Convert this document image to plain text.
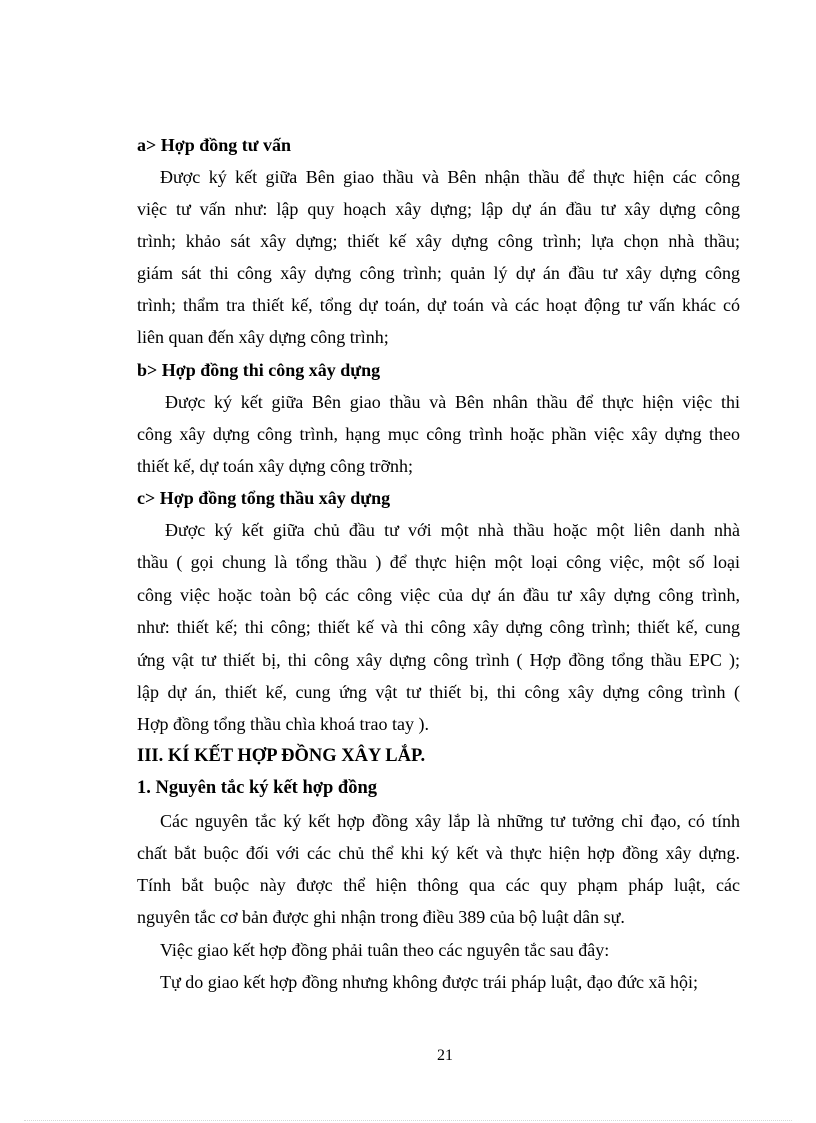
a> Hợp đồng tư vấn
Được ký kết giữa Bên giao thầu và Bên nhận thầu để thực hiện các công
việc tư vấn như: lập quy hoạch xây dựng; lập dự án đầu tư xây dựng công
trình; khảo sát xây dựng; thiết kế xây dựng công trình; lựa chọn nhà thầu;
giám sát thi công xây dựng công trình; quản lý dự án đầu tư xây dựng công
trình; thẩm tra thiết kế, tổng dự toán, dự toán và các hoạt động tư vấn khác có
liên quan đến xây dựng công trình;
b> Hợp đồng thi công xây dựng
Được ký kết giữa Bên giao thầu và Bên nhân thầu để thực hiện việc thi
công xây dựng công trình, hạng mục công trình hoặc phần việc xây dựng theo
thiết kế, dự toán xây dựng công trỡnh;
c> Hợp đồng tổng thầu xây dựng
Được ký kết giữa chủ đầu tư với một nhà thầu hoặc một liên danh nhà
thầu ( gọi chung là tổng thầu ) để thực hiện một loại công việc, một số loại
công việc hoặc toàn bộ các công việc của dự án đầu tư xây dựng công trình,
như: thiết kế; thi công; thiết kế và thi công xây dựng công trình; thiết kế, cung
ứng vật tư thiết bị, thi công xây dựng công trình ( Hợp đồng tổng thầu EPC );
lập dự án, thiết kế, cung ứng vật tư thiết bị, thi công xây dựng công trình (
Hợp đồng tổng thầu chìa khoá trao tay ).
III. KÍ KẾT HỢP ĐỒNG XÂY LẮP.
1. Nguyên tắc ký kết hợp đồng
Các nguyên tắc ký kết hợp đồng xây lắp là những tư tưởng chỉ đạo, có tính
chất bắt buộc đối với các chủ thể khi ký kết và thực hiện hợp đồng xây dựng.
Tính bắt buộc này được thể hiện thông qua các quy phạm pháp luật, các
nguyên tắc cơ bản được ghi nhận trong điều 389 của bộ luật dân sự.
Việc giao kết hợp đồng phải tuân theo các nguyên tắc sau đây:
Tự do giao kết hợp đồng nhưng không được trái pháp luật, đạo đức xã hội;
21
